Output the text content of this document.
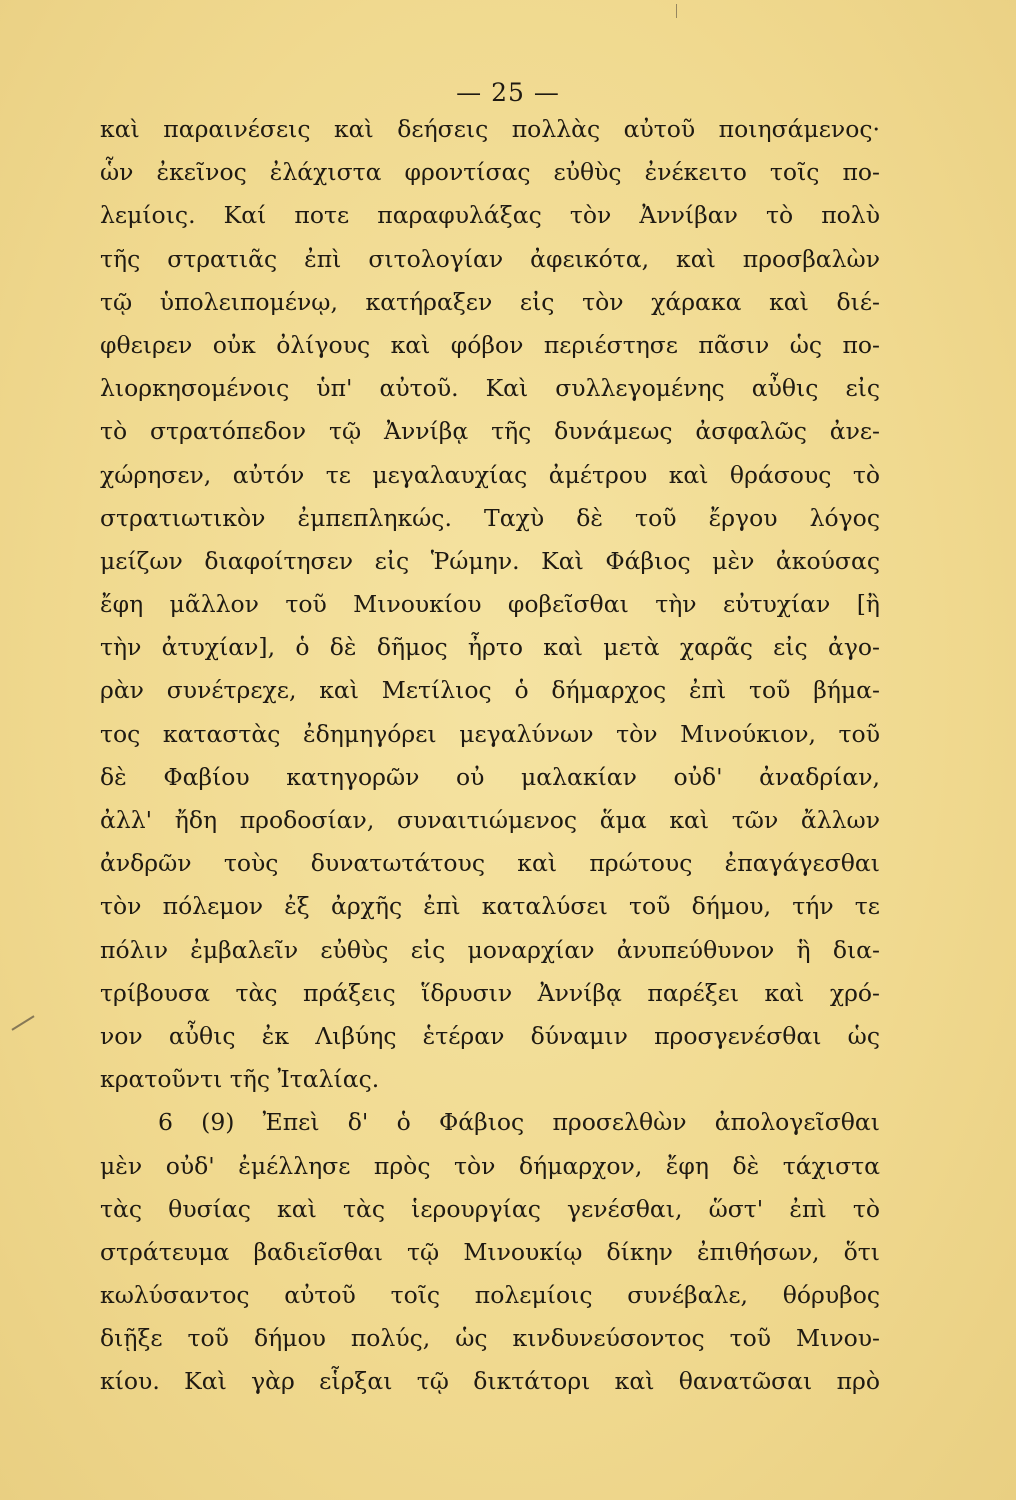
— 25 —
καὶ παραινέσεις καὶ δεήσεις πολλὰς αὐτοῦ ποιησάμενος·
ὧν ἐκεῖνος ἐλάχιστα φροντίσας εὐθὺς ἐνέκειτο τοῖς πο-
λεμίοις. Καί ποτε παραφυλάξας τὸν Ἀννίβαν τὸ πολὺ
τῆς στρατιᾶς ἐπὶ σιτολογίαν ἀφεικότα, καὶ προσβαλὼν
τῷ ὑπολειπομένῳ, κατήραξεν εἰς τὸν χάρακα καὶ διέ-
φθειρεν οὐκ ὀλίγους καὶ φόβον περιέστησε πᾶσιν ὡς πο-
λιορκησομένοις ὑπ' αὐτοῦ. Καὶ συλλεγομένης αὖθις εἰς
τὸ στρατόπεδον τῷ Ἀννίβᾳ τῆς δυνάμεως ἀσφαλῶς ἀνε-
χώρησεν, αὐτόν τε μεγαλαυχίας ἀμέτρου καὶ θράσους τὸ
στρατιωτικὸν ἐμπεπληκώς. Ταχὺ δὲ τοῦ ἔργου λόγος
μείζων διαφοίτησεν εἰς Ῥώμην. Καὶ Φάβιος μὲν ἀκούσας
ἔφη μᾶλλον τοῦ Μινουκίου φοβεῖσθαι τὴν εὐτυχίαν [ἢ
τὴν ἀτυχίαν], ὁ δὲ δῆμος ἦρτο καὶ μετὰ χαρᾶς εἰς ἀγο-
ρὰν συνέτρεχε, καὶ Μετίλιος ὁ δήμαρχος ἐπὶ τοῦ βήμα-
τος καταστὰς ἐδημηγόρει μεγαλύνων τὸν Μινούκιον, τοῦ
δὲ Φαβίου κατηγορῶν οὐ μαλακίαν οὐδ' ἀναδρίαν,
ἀλλ' ἤδη προδοσίαν, συναιτιώμενος ἅμα καὶ τῶν ἄλλων
ἀνδρῶν τοὺς δυνατωτάτους καὶ πρώτους ἐπαγάγεσθαι
τὸν πόλεμον ἐξ ἀρχῆς ἐπὶ καταλύσει τοῦ δήμου, τήν τε
πόλιν ἐμβαλεῖν εὐθὺς εἰς μοναρχίαν ἀνυπεύθυνον ἣ δια-
τρίβουσα τὰς πράξεις ἵδρυσιν Ἀννίβᾳ παρέξει καὶ χρό-
νον αὖθις ἐκ Λιβύης ἑτέραν δύναμιν προσγενέσθαι ὡς
κρατοῦντι τῆς Ἰταλίας.
6 (9) Ἐπεὶ δ' ὁ Φάβιος προσελθὼν ἀπολογεῖσθαι
μὲν οὐδ' ἐμέλλησε πρὸς τὸν δήμαρχον, ἔφη δὲ τάχιστα
τὰς θυσίας καὶ τὰς ἱερουργίας γενέσθαι, ὥστ' ἐπὶ τὸ
στράτευμα βαδιεῖσθαι τῷ Μινουκίῳ δίκην ἐπιθήσων, ὅτι
κωλύσαντος αὐτοῦ τοῖς πολεμίοις συνέβαλε, θόρυβος
διῇξε τοῦ δήμου πολύς, ὡς κινδυνεύσοντος τοῦ Μινου-
κίου. Καὶ γὰρ εἷρξαι τῷ δικτάτορι καὶ θανατῶσαι πρὸ
